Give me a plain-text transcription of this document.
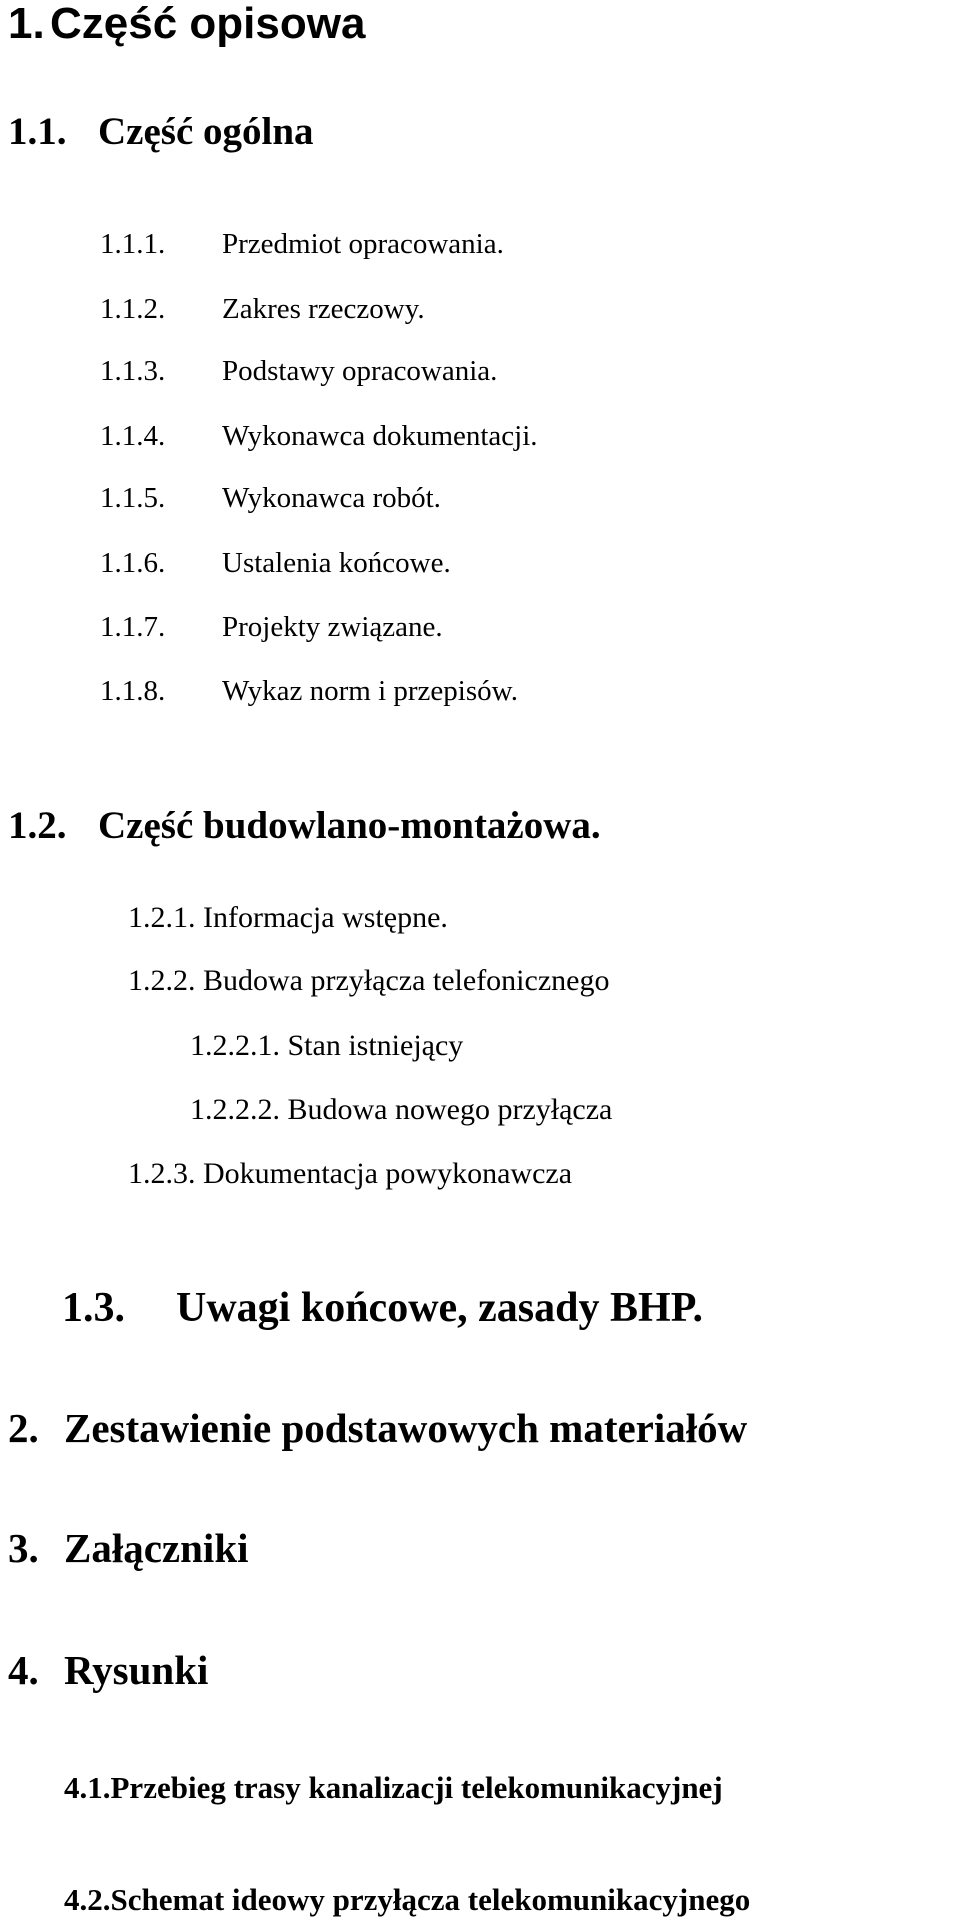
1. Część opisowa
1.1. Część ogólna
1.1.1. Przedmiot opracowania.
1.1.2. Zakres rzeczowy.
1.1.3. Podstawy opracowania.
1.1.4. Wykonawca dokumentacji.
1.1.5. Wykonawca robót.
1.1.6. Ustalenia końcowe.
1.1.7. Projekty związane.
1.1.8. Wykaz norm i przepisów.
1.2. Część budowlano-montażowa.
1.2.1. Informacja wstępne.
1.2.2. Budowa przyłącza telefonicznego
1.2.2.1. Stan istniejący
1.2.2.2. Budowa nowego przyłącza
1.2.3. Dokumentacja powykonawcza
1.3. Uwagi końcowe, zasady BHP.
2. Zestawienie podstawowych materiałów
3. Załączniki
4. Rysunki
4.1.Przebieg trasy kanalizacji telekomunikacyjnej
4.2.Schemat ideowy przyłącza telekomunikacyjnego
